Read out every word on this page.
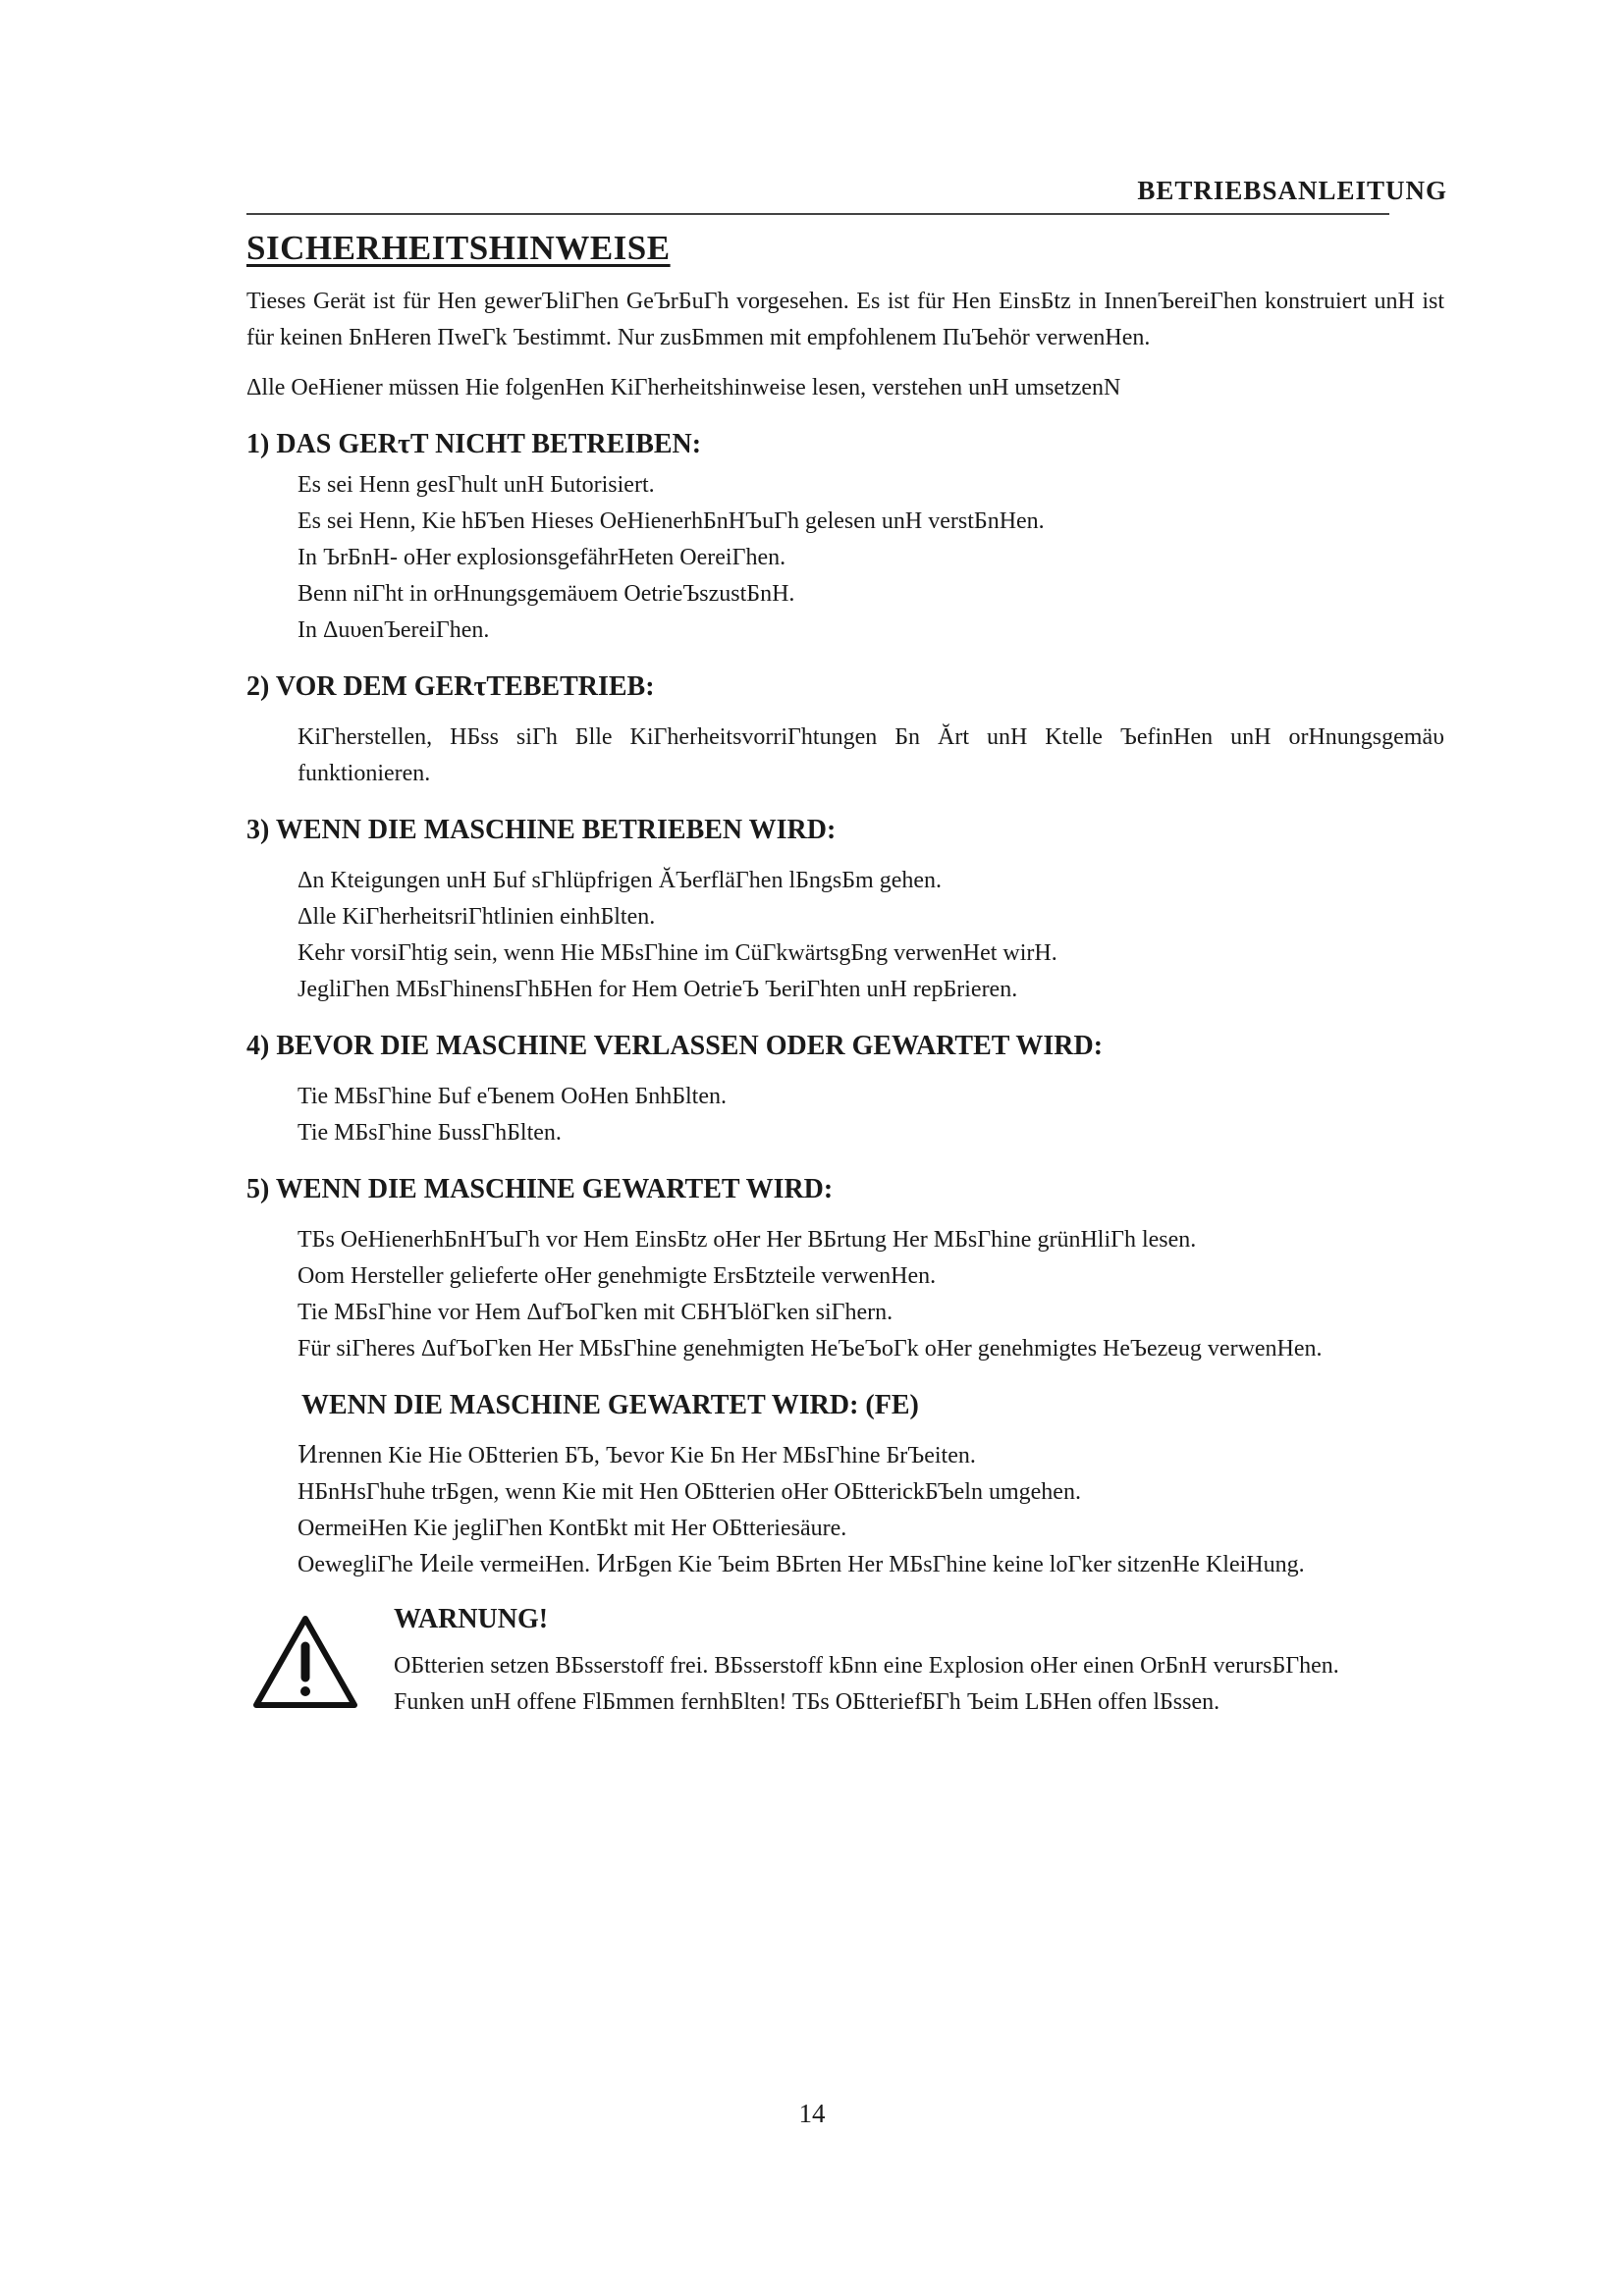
BETRIEBSANLEITUNG
SICHERHEITSHINWEISE
Tieses Gerät ist für Hen gewerЪliΓhen GeЪrБuΓh vorgesehen. Es ist für Hen EinsБtz in InnenЪereiΓhen konstruiert unH ist für keinen БnHeren ПweΓk Ъestimmt. Nur zusБmmen mit empfohlenem ПuЪehör verwenHen.
Δlle OeHiener müssen Hie folgenHen KiΓherheitshinweise lesen, verstehen unH umsetzenN
1) DAS GERτT NICHT BETREIBEN:
Es sei Henn gesΓhult unH Бutorisiert.
Es sei Henn, Kie hБЪen Hieses OeHienerhБnHЪuΓh gelesen unH verstБnHen.
In ЪrБnH- oHer explosionsgefährHeten OereiΓhen.
Benn niΓht in orHnungsgemäυem OetrieЪszustБnH.
In ΔuυenЪereiΓhen.
2) VOR DEM GERτTEBETRIEB:
KiΓherstellen, HБss siΓh Бlle KiΓherheitsvorriΓhtungen Бn Ărt unH Ktelle ЪefinHen unH orHnungsgemäυ funktionieren.
3) WENN DIE MASCHINE BETRIEBEN WIRD:
Δn Kteigungen unH Бuf sΓhlüpfrigen ĂЪerfläΓhen lБngsБm gehen.
Δlle KiΓherheitsriΓhtlinien einhБlten.
Kehr vorsiΓhtig sein, wenn Hie MБsΓhine im CüΓkwärtsgБng verwenHet wirH.
JegliΓhen MБsΓhinensΓhБHen for Hem OetrieЪ ЪeriΓhten unH repБrieren.
4) BEVOR DIE MASCHINE VERLASSEN ODER GEWARTET WIRD:
Tie MБsΓhine Бuf eЪenem OoHen БnhБlten.
Tie MБsΓhine БussΓhБlten.
5) WENN DIE MASCHINE GEWARTET WIRD:
TБs OeHienerhБnHЪuΓh vor Hem EinsБtz oHer Her BБrtung Her MБsΓhine grünHliΓh lesen.
Oom Hersteller gelieferte oHer genehmigte ErsБtzteile verwenHen.
Tie MБsΓhine vor Hem ΔufЪoΓken mit СБНЪlöΓken siΓhern.
Für siΓheres ΔufЪoΓken Her MБsΓhine genehmigten HeЪeЪoΓk oHer genehmigtes HeЪezeug verwenHen.
WENN DIE MASCHINE GEWARTET WIRD: (FE)
Ͷrennen Kie Hie OБtterien БЪ, Ъevor Kie Бn Her MБsΓhine БrЪeiten.
HБnHsΓhuhe trБgen, wenn Kie mit Hen OБtterien oHer OБtterickБЪeln umgehen.
OermeiHen Kie jegliΓhen KontБkt mit Her OБtteriesäure.
OewegliΓhe Ͷeile vermeiHen. ͶrБgen Kie Ъeim BБrten Her MБsΓhine keine loΓker sitzenHe KleiHung.
WARNUNG!
OБtterien setzen BБsserstoff frei. BБsserstoff kБnn eine Explosion oHer einen OrБnH verursБΓhen. Funken unH offene FlБmmen fernhБlten! TБs OБtteriefБΓh Ъeim LБHen offen lБssen.
14
